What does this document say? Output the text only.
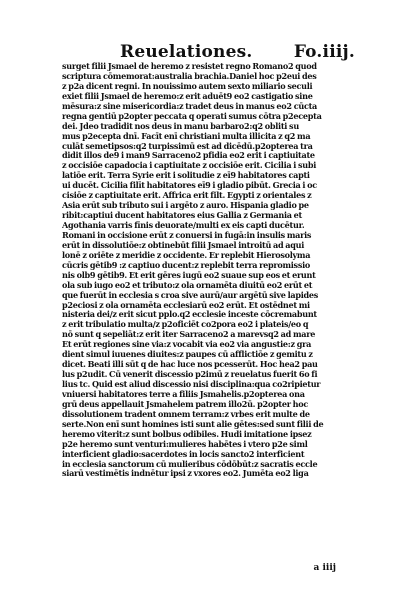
Reuelationes. Fo.iiij.
surget filii Jsmael de heremo z resistet regno Romano2 quod
scriptura cōmemorat:australia brachia.Daniel hoc p2eui des
z p2a dicent regni. In nouissimo autem sexto miliario seculi
exiet filii Jsmael de heremo:z erit aduēt9 eo2 castigatio sine
mēsura:z sine misericordia:z tradet deus in manus eo2 cūcta
regna gentiū p2opter peccata q operati sumus cōtra p2ecepta
dei. Jdeo tradidit nos deus in manu barbaro2:q2 obliti su
mus p2ecepta dnī. Facīt enī christiani multa illicita z q2 ma
culāt semetipsos:q2 turpissimū est ad dicēdū.p2opterea tra
didit illos de9 i man9 Sarraceno2 pfidia eo2 erit i captiuitate
z occisiōe capadocia i captiuitate z occisiōe erit. Cicilia i subi
latiōe erit. Terra Syrie erit i solitudie z eī9 habitatores capti
ui ducēt. Cicilia filīt habitatores eī9 i gladio pibūt. Grecia i oc
cisiōe z captiuitate erit. Affrica erit filt. Egypti z orientales z
Asia erūt sub tributo sui i argēto z auro. Hispania gladio pe
ribit:captiui ducent habitatores eius Gallia z Germania et
Agothania varris fīnis deuorate/multi ex eis capti ducētur.
Romani in occisione erūt z conuersi in fugā:in insulis maris
erūt in dissolutiōe:z obtinebūt filii Jsmael introitū ad aqui
lonē z oriēte z meridie z occidente. Er replebit Hierosolyma
cūcris gētib9 :z captiuo ducent:z replebit terra repromissio
nis olb9 gētib9. Et erit gēres iugū eo2 suaue sup eos et erunt
ola sub iugo eo2 et tributo:z ola ornamēta diuitū eo2 erūt et
que fuerūt in ecclesia s croa sive aurū/aur argētū sive lapides
p2eciosi z ola ornamēta ecclesiarū eo2 erūt. Et ostēdnet mi
nisteria dei/z erit sicut pplo.q2 ecclesie inceste cōcremabunt
z erit tribulatio multa/z p2oficiēt co2pora eo2 i plateis/eo q
nō sunt q sepeliāt:z erit iter Sarraceno2 a marevsq2 ad mare
Et erūt regiones sine via:z vocabit via eo2 via angustie:z gra
dient simul iuuenes diuites:z paupes cū afflictiōe z gemitu z
dicet. Beati illi sūt q de hac luce nos pcesserūt. Hoc hea2 pau
lus p2udit. Cū venerit discessio p2imū z reuelatus fuerit 6o fi
lius tc. Quid est aliud discessio nisi disciplina:qua co2ripietur
vniuersi habitatores terre a filiis Jsmahelis.p2opterea ona
grū deus appellauit Jsmahelem patrem illo2ū. p2opter hoc
dissolutionem tradent omnem terram:z vrbes erit multe de
serte.Non enī sunt homines isti sunt alie gētes:sed sunt filii de
heremo viterit:z sunt bolbus odibiles. Hudi imitatione ipsez
p2e heremo sunt venturi:mulieres habētes i vtero p2e siml
interficient gladio:sacerdotes in locis sancto2 interficient
in ecclesia sanctorum cū mulieribus cōdōbūt:z sacratis eccle
siarū vestimētis indnētur ipsi z vxores eo2. Jumēta eo2 liga
a iiij
